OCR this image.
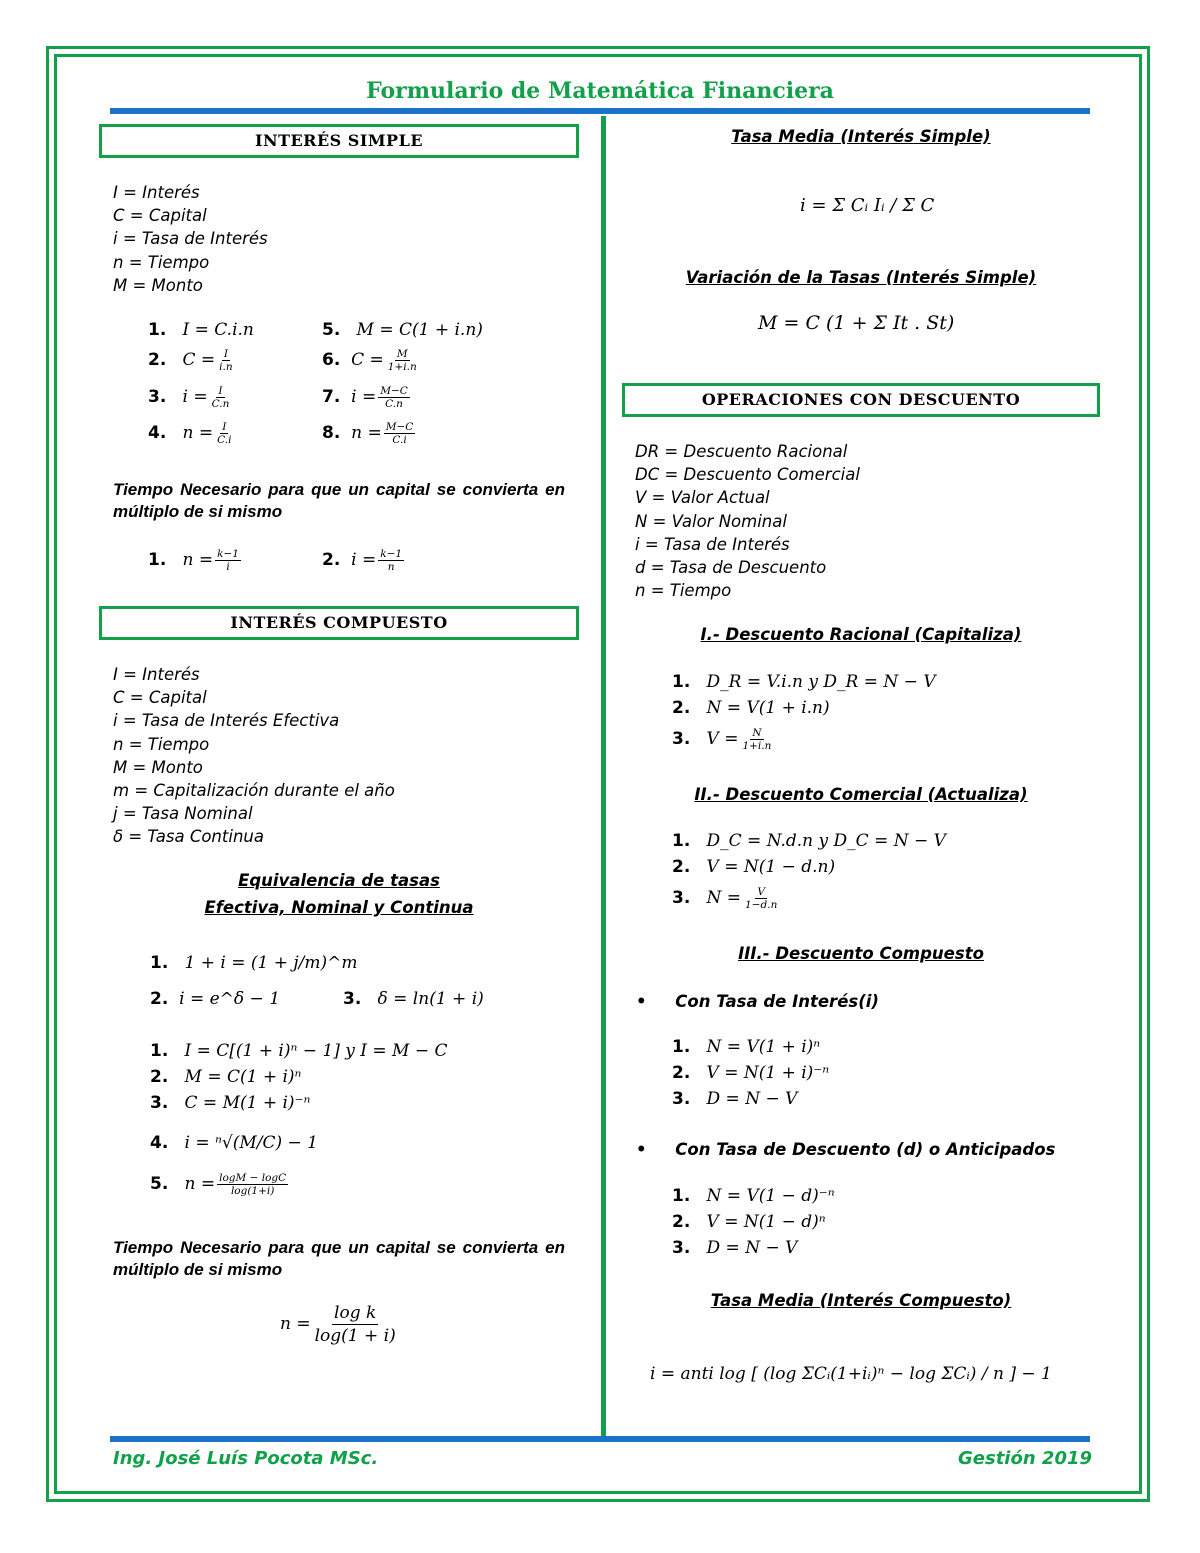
Formulario de Matemática Financiera
INTERÉS SIMPLE
I = Interés
C = Capital
i = Tasa de Interés
n = Tiempo
M = Monto
1. I = C.i.n	5. M = C(1 + i.n)
2. $C = \frac{I}{i.n}$	6. $C = \frac{M}{1+i.n}$
3. $i = \frac{I}{C.n}$	7. $i = \frac{M-C}{C.n}$
4. $n = \frac{I}{C.i}$	8. $n = \frac{M-C}{C.i}$
Tiempo Necesario para que un capital se convierta en múltiplo de si mismo
1. $n = \frac{k-1}{i}$	2. $i = \frac{k-1}{n}$
INTERÉS COMPUESTO
I = Interés
C = Capital
i = Tasa de Interés Efectiva
n = Tiempo
M = Monto
m = Capitalización durante el año
j = Tasa Nominal
δ = Tasa Continua
Equivalencia de tasas
Efectiva, Nominal y Continua
1. 1 + i = (1 + j/m)^m
2. i = e^δ − 1	3. δ = ln(1 + i)
1. I = C[(1 + i)ⁿ − 1] y I = M − C
2. M = C(1 + i)ⁿ
3. C = M(1 + i)⁻ⁿ
4. i = ⁿ√(M/C) − 1
5. $n = \frac{\log M - \log C}{\log(1+i)}$
Tiempo Necesario para que un capital se convierta en múltiplo de si mismo
$n = \frac{\text{log k}}{\log(1 + i)}$
Tasa Media (Interés Simple)
i = Σ Cᵢ Iᵢ / Σ C
Variación de la Tasas (Interés Simple)
M = C (1 + Σ It . St)
OPERACIONES CON DESCUENTO
DR = Descuento Racional
DC = Descuento Comercial
V = Valor Actual
N = Valor Nominal
i = Tasa de Interés
d = Tasa de Descuento
n = Tiempo
I.- Descuento Racional (Capitaliza)
1. D_R = V.i.n y D_R = N − V
2. N = V(1 + i.n)
3. $V = \frac{N}{1+i.n}$
II.- Descuento Comercial (Actualiza)
1. D_C = N.d.n y D_C = N − V
2. V = N(1 − d.n)
3. $N = \frac{V}{1-d.n}$
III.- Descuento Compuesto
•     Con Tasa de Interés(i)
1. N = V(1 + i)ⁿ
2. V = N(1 + i)⁻ⁿ
3. D = N − V
•     Con Tasa de Descuento (d) o Anticipados
1. N = V(1 − d)⁻ⁿ
2. V = N(1 − d)ⁿ
3. D = N − V
Tasa Media (Interés Compuesto)
i = anti log [ (log ΣCᵢ(1+iᵢ)ⁿ − log ΣCᵢ) / n ] − 1
Ing. José Luís Pocota MSc.	Gestión 2019
